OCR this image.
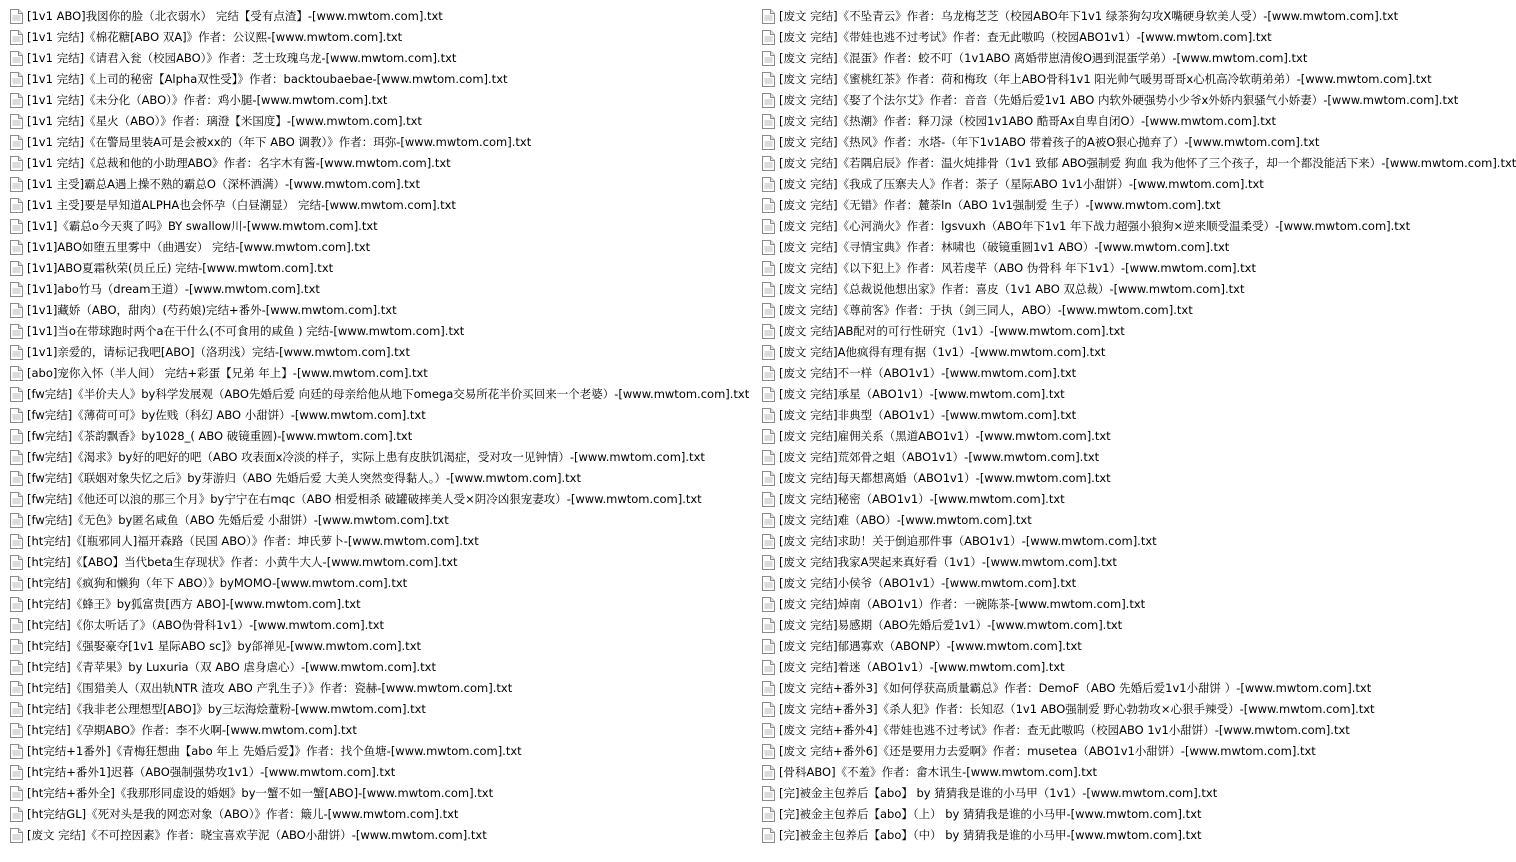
[1v1 ABO]我図你的脸（北衣弱水） 完结【受有点渣】-[www.mwtom.com].txt
[1v1 完结]《棉花糖[ABO 双A]》作者：公议熙-[www.mwtom.com].txt
[1v1 完结]《请君入瓮（校园ABO）》作者：芝士玫瑰乌龙-[www.mwtom.com].txt
[1v1 完结]《上司的秘密【Alpha双性受】》作者：backtoubaebae-[www.mwtom.com].txt
[1v1 完结]《未分化（ABO）》作者：鸡小腿-[www.mwtom.com].txt
[1v1 完结]《星火（ABO）》作者：璃澄【米国度】-[www.mwtom.com].txt
[1v1 完结]《在警局里装A可是会被xx的（年下 ABO 调教）》作者：珥弥-[www.mwtom.com].txt
[1v1 完结]《总裁和他的小助理ABO》作者：名字木有酱-[www.mwtom.com].txt
[1v1 主受]霸总A遇上操不熟的霸总O（深杯酒满）-[www.mwtom.com].txt
[1v1 主受]要是早知道ALPHA也会怀孕（白昼潮显） 完结-[www.mwtom.com].txt
[1v1]《霸总o今天爽了吗》BY swallow川-[www.mwtom.com].txt
[1v1]ABO如堕五里雾中（曲遇安） 完结-[www.mwtom.com].txt
[1v1]ABO夏霜秋荣(员丘丘) 完结-[www.mwtom.com].txt
[1v1]abo竹马（dream王道）-[www.mwtom.com].txt
[1v1]藏娇（ABO，甜肉）(芍药娘)完结+番外-[www.mwtom.com].txt
[1v1]当o在带球跑时两个a在干什么(不可食用的咸鱼 ) 完结-[www.mwtom.com].txt
[1v1]亲爱的，请标记我吧[ABO]（洛玥浅）完结-[www.mwtom.com].txt
[abo]宠你入怀（半人间） 完结+彩蛋【兄弟 年上】-[www.mwtom.com].txt
[fw完结]《半价夫人》by科学发展观（ABO先婚后爱 向廷的母亲给他从地下omega交易所花半价买回来一个老婆）-[www.mwtom.com].txt
[fw完结]《薄荷可可》by佐贱（科幻 ABO 小甜饼）-[www.mwtom.com].txt
[fw完结]《茶韵飘香》by1028_( ABO 破镜重圆)-[www.mwtom.com].txt
[fw完结]《渴求》by好的吧好的吧（ABO 攻表面x冷淡的样子，实际上患有皮肤饥渴症，受对攻一见钟情）-[www.mwtom.com].txt
[fw完结]《联姻对象失忆之后》by芽游归（ABO 先婚后爱 大美人突然变得黏人。）-[www.mwtom.com].txt
[fw完结]《他还可以浪的那三个月》by宁宁在右mqc（ABO 相爱相杀 破罐破摔美人受×阴冷凶狠宠妻攻）-[www.mwtom.com].txt
[fw完结]《无色》by匿名咸鱼（ABO 先婚后爱 小甜饼）-[www.mwtom.com].txt
[ht完结]《[瓶邪同人]福开森路（民国 ABO）》作者：坤氏萝卜-[www.mwtom.com].txt
[ht完结]《【ABO】当代beta生存现状》作者：小黄牛大人-[www.mwtom.com].txt
[ht完结]《疯狗和懒狗（年下 ABO）》byMOMO-[www.mwtom.com].txt
[ht完结]《蜂王》by狐富贵[西方 ABO]-[www.mwtom.com].txt
[ht完结]《你太听话了》（ABO伪骨科1v1）-[www.mwtom.com].txt
[ht完结]《强娶豪夺[1v1 星际ABO sc]》by郃禅见-[www.mwtom.com].txt
[ht完结]《青苹果》by Luxuria（双 ABO 虐身虐心）-[www.mwtom.com].txt
[ht完结]《围猎美人（双出轨NTR 渣攻 ABO 产乳生子）》作者：瓷赫-[www.mwtom.com].txt
[ht完结]《我非老公理想型[ABO]》by三坛海烩蕫粉-[www.mwtom.com].txt
[ht完结]《孕期ABO》作者：李不火啊-[www.mwtom.com].txt
[ht完结+1番外]《青梅狂想曲【abo 年上 先婚后爱】》作者：找个鱼塘-[www.mwtom.com].txt
[ht完结+番外1]迟暮（ABO强制强势攻1v1）-[www.mwtom.com].txt
[ht完结+番外全]《我那形同虚设的婚姻》by一蟹不如一蟹[ABO]-[www.mwtom.com].txt
[ht完结GL]《死对头是我的网恋对象（ABO）》作者：簸儿-[www.mwtom.com].txt
[废文 完结]《不可控因素》作者：晓宝喜欢芋泥（ABO小甜饼）-[www.mwtom.com].txt
[废文 完结]《不坠青云》作者：乌龙梅芝芝（校园ABO年下1v1 绿茶狗勾攻X嘴硬身软美人受）-[www.mwtom.com].txt
[废文 完结]《带娃也逃不过考试》作者：查无此嗷呜（校园ABO1v1）-[www.mwtom.com].txt
[废文 完结]《混蛋》作者：蛟不叮（1v1ABO 离婚带崽清俊O遇到混蛋学弟）-[www.mwtom.com].txt
[废文 完结]《蜜桃红茶》作者：荷和梅玫（年上ABO骨科1v1 阳光帅气暖男哥哥x心机高冷软萌弟弟）-[www.mwtom.com].txt
[废文 完结]《娶了个法尔艾》作者：音音（先婚后爱1v1 ABO 内软外硬强势小少爷x外娇内狠骚气小娇妻）-[www.mwtom.com].txt
[废文 完结]《热潮》作者：释刀渌（校园1v1ABO 酷哥Ax自卑自闭O）-[www.mwtom.com].txt
[废文 完结]《热风》作者：水塔-（年下1v1ABO 带着孩子的A被O狠心抛弃了）-[www.mwtom.com].txt
[废文 完结]《若隅启辰》作者：温火炖排骨（1v1 致郁 ABO强制爱 狗血 我为他怀了三个孩子，却一个都没能活下来）-[www.mwtom.com].txt
[废文 完结]《我成了压寨夫人》作者：荼子（星际ABO 1v1小甜饼）-[www.mwtom.com].txt
[废文 完结]《无错》作者：麓荼ln（ABO 1v1强制爱 生子）-[www.mwtom.com].txt
[废文 完结]《心河淌火》作者：lgsvuxh（ABO年下1v1 年下战力超强小狼狗×逆来顺受温柔受）-[www.mwtom.com].txt
[废文 完结]《寻情宝典》作者：林啸也（破镜重圆1v1 ABO）-[www.mwtom.com].txt
[废文 完结]《以下犯上》作者：风若虔芊（ABO 伪骨科 年下1v1）-[www.mwtom.com].txt
[废文 完结]《总裁说他想出家》作者：喜皮（1v1 ABO 双总裁）-[www.mwtom.com].txt
[废文 完结]《尊前客》作者：于执（剑三同人，ABO）-[www.mwtom.com].txt
[废文 完结]AB配对的可行性研究（1v1）-[www.mwtom.com].txt
[废文 完结]A他疯得有理有据（1v1）-[www.mwtom.com].txt
[废文 完结]不一样（ABO1v1）-[www.mwtom.com].txt
[废文 完结]承星（ABO1v1）-[www.mwtom.com].txt
[废文 完结]非典型（ABO1v1）-[www.mwtom.com].txt
[废文 完结]雇佣关系（黑道ABO1v1）-[www.mwtom.com].txt
[废文 完结]荒郊骨之蛆（ABO1v1）-[www.mwtom.com].txt
[废文 完结]每天都想离婚（ABO1v1）-[www.mwtom.com].txt
[废文 完结]秘密（ABO1v1）-[www.mwtom.com].txt
[废文 完结]难（ABO）-[www.mwtom.com].txt
[废文 完结]求助！关于倒追那件事（ABO1v1）-[www.mwtom.com].txt
[废文 完结]我家A哭起来真好看（1v1）-[www.mwtom.com].txt
[废文 完结]小侯爷（ABO1v1）-[www.mwtom.com].txt
[废文 完结]焯南（ABO1v1）作者：一碗陈茶-[www.mwtom.com].txt
[废文 完结]易感期（ABO先婚后爱1v1）-[www.mwtom.com].txt
[废文 完结]郁遇寡欢（ABONP）-[www.mwtom.com].txt
[废文 完结]着迷（ABO1v1）-[www.mwtom.com].txt
[废文 完结+番外3]《如何俘获高质量霸总》作者：DemoF（ABO 先婚后爱1v1小甜饼 ）-[www.mwtom.com].txt
[废文 完结+番外3]《杀人犯》作者：长知忍（1v1 ABO强制爱 野心勃勃攻×心狠手辣受）-[www.mwtom.com].txt
[废文 完结+番外4]《带娃也逃不过考试》作者：查无此嗷呜（校园ABO 1v1小甜饼）-[www.mwtom.com].txt
[废文 完结+番外6]《还是要用力去爱啊》作者：musetea（ABO1v1小甜饼）-[www.mwtom.com].txt
[骨科ABO]《不羞》作者：畲木讯生-[www.mwtom.com].txt
[完]被金主包养后【abo】 by 猜猜我是谁的小马甲（1v1）-[www.mwtom.com].txt
[完]被金主包养后【abo】（上） by 猜猜我是谁的小马甲-[www.mwtom.com].txt
[完]被金主包养后【abo】（中） by 猜猜我是谁的小马甲-[www.mwtom.com].txt
